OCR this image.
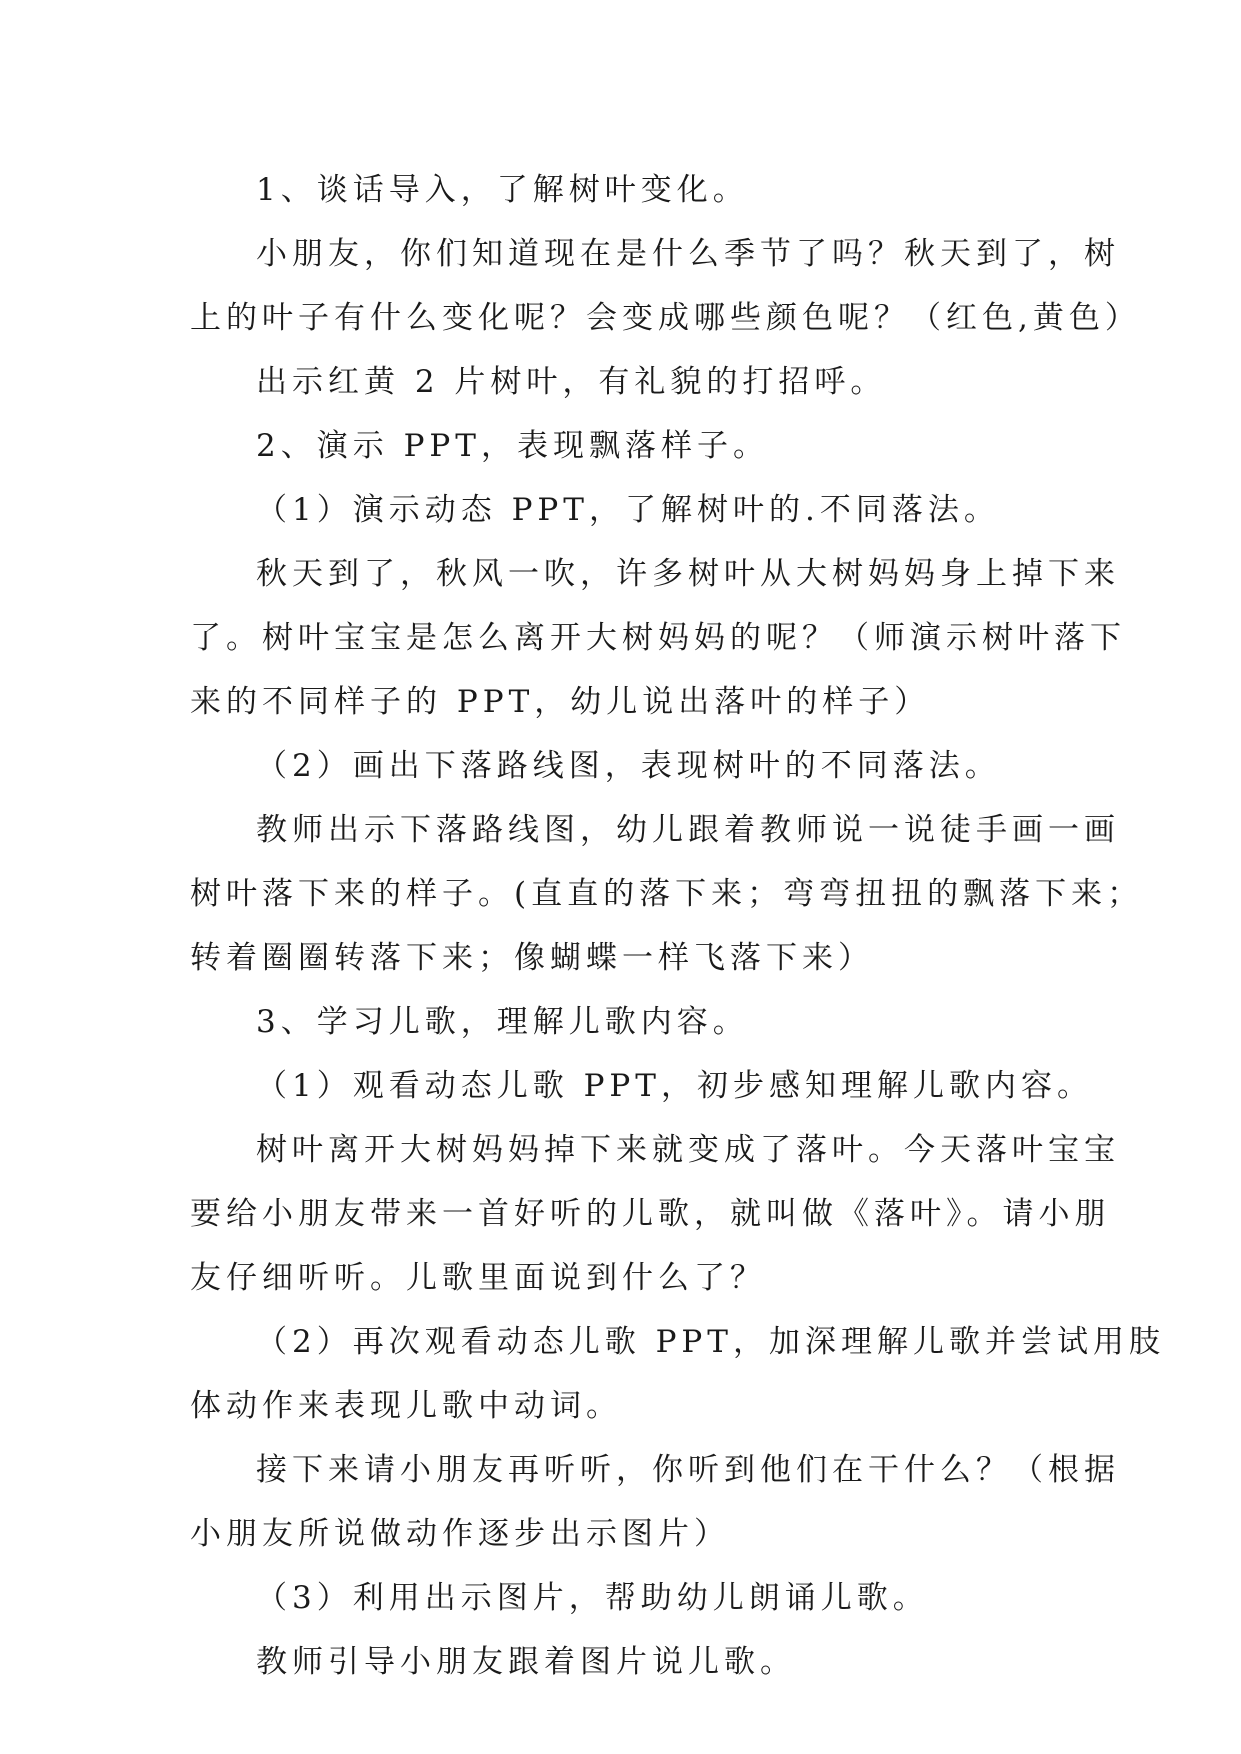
1、谈话导入，了解树叶变化。

小朋友，你们知道现在是什么季节了吗？秋天到了，树
上的叶子有什么变化呢？会变成哪些颜色呢？（红色,黄色）

出示红黄 2 片树叶，有礼貌的打招呼。

2、演示 PPT，表现飘落样子。

（1）演示动态 PPT，了解树叶的.不同落法。

秋天到了，秋风一吹，许多树叶从大树妈妈身上掉下来
了。树叶宝宝是怎么离开大树妈妈的呢？（师演示树叶落下
来的不同样子的 PPT，幼儿说出落叶的样子）

（2）画出下落路线图，表现树叶的不同落法。

教师出示下落路线图，幼儿跟着教师说一说徒手画一画
树叶落下来的样子。(直直的落下来；弯弯扭扭的飘落下来；
转着圈圈转落下来；像蝴蝶一样飞落下来）

3、学习儿歌，理解儿歌内容。

（1）观看动态儿歌 PPT，初步感知理解儿歌内容。

树叶离开大树妈妈掉下来就变成了落叶。今天落叶宝宝
要给小朋友带来一首好听的儿歌，就叫做《落叶》。请小朋
友仔细听听。儿歌里面说到什么了？

（2）再次观看动态儿歌 PPT，加深理解儿歌并尝试用肢
体动作来表现儿歌中动词。

接下来请小朋友再听听，你听到他们在干什么？（根据
小朋友所说做动作逐步出示图片）

（3）利用出示图片，帮助幼儿朗诵儿歌。

教师引导小朋友跟着图片说儿歌。
